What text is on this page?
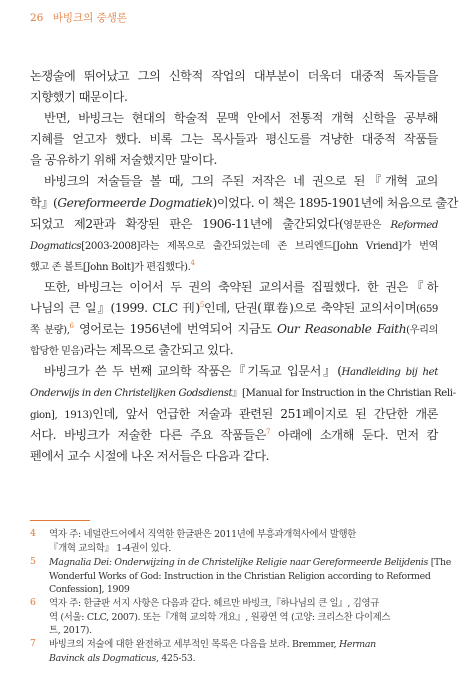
26 바빙크의 중생론
논쟁술에 뛰어났고 그의 신학적 작업의 대부분이 더욱더 대중적 독자들을
지향했기 때문이다.
반면, 바빙크는 현대의 학술적 문맥 안에서 전통적 개혁 신학을 공부해
지혜를 얻고자 했다. 비록 그는 목사들과 평신도를 겨냥한 대중적 작품들
을 공유하기 위해 저술했지만 말이다.
바빙크의 저술들을 볼 때, 그의 주된 저작은 네 권으로 된『개혁 교의
학』(Gereformeerde Dogmatiek)이었다. 이 책은 1895-1901년에 처음으로 출간
되었고 제2판과 확장된 판은 1906-11년에 출간되었다(영문판은 Reformed
Dogmatics[2003-2008]라는 제목으로 출간되었는데 존 브리엔드[John Vriend]가 번역
했고 존 볼트[John Bolt]가 편집했다).$^4$
또한, 바빙크는 이어서 두 권의 축약된 교의서를 집필했다. 한 권은『하
나님의 큰 일』(1999. CLC 刊)$^5$인데, 단권(單卷)으로 축약된 교의서이며(659
쪽 분량),$^6$ 영어로는 1956년에 번역되어 지금도 Our Reasonable Faith(우리의
합당한 믿음)라는 제목으로 출간되고 있다.
바빙크가 쓴 두 번째 교의학 작품은『기독교 입문서』(Handleiding bij het
Onderwijs in den Christelijken Godsdienst』[Manual for Instruction in the Christian Reli-
gion], 1913)인데, 앞서 언급한 저술과 관련된 251페이지로 된 간단한 개론
서다. 바빙크가 저술한 다른 주요 작품들은$^7$ 아래에 소개해 둔다. 먼저 캄
펜에서 교수 시절에 나온 저서들은 다음과 같다.
4 역자 주: 네덜란드어에서 직역한 한글판은 2011년에 부흥과개혁사에서 발행한
『개혁 교의학』 1-4권이 있다.
5 Magnalia Dei: Onderwijzing in de Christelijke Religie naar Gereformeerde Belijdenis [The
Wonderful Works of God: Instruction in the Christian Religion according to Reformed
Confession], 1909
6 역자 주: 한글판 서지 사항은 다음과 같다. 헤르만 바빙크,『하나님의 큰 일』, 김영규
역 (서울: CLC, 2007). 또는『개혁 교의학 개요』, 원광연 역 (고양: 크리스찬 다이제스
트, 2017).
7 바빙크의 저술에 대한 완전하고 세부적인 목록은 다음을 보라. Bremmer, Herman
Bavinck als Dogmaticus, 425-53.
